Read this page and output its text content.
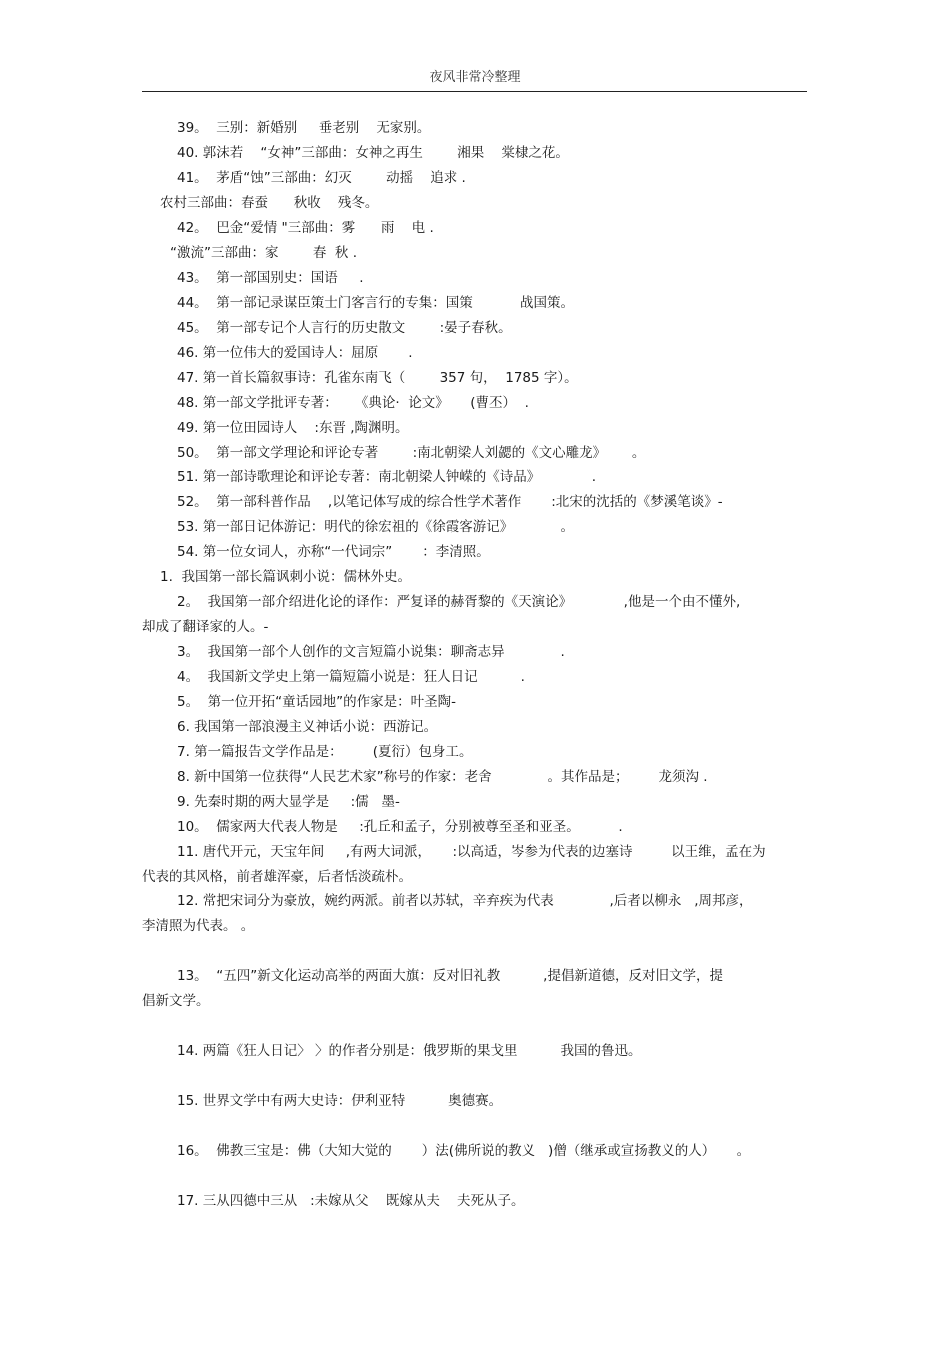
夜风非常冷整理
39。  三别：新婚别     垂老别    无家别。
40. 郭沫若    “女神”三部曲：女神之再生        湘果    棠棣之花。
41。  茅盾“蚀”三部曲：幻灭        动摇    追求 .
农村三部曲：春蚕      秋收    残冬。
42。  巴金“爱情 "三部曲：雾      雨    电 .
“激流”三部曲：家        春  秋 .
43。  第一部国别史：国语     .
44。  第一部记录谋臣策士门客言行的专集：国策           战国策。
45。  第一部专记个人言行的历史散文        :晏子春秋。
46. 第一位伟大的爱国诗人：屈原       .
47. 第一首长篇叙事诗：孔雀东南飞（        357 句，  1785 字）。
48. 第一部文学批评专著：    《典论·  论文》     (曹丕）  .
49. 第一位田园诗人    :东晋 ,陶渊明。
50。  第一部文学理论和评论专著        :南北朝梁人刘勰的《文心雕龙》      。
51. 第一部诗歌理论和评论专著：南北朝梁人钟嵘的《诗品》            .
52。  第一部科普作品    ,以笔记体写成的综合性学术著作       :北宋的沈括的《梦溪笔谈》-
53. 第一部日记体游记：明代的徐宏祖的《徐霞客游记》           。
54. 第一位女词人，亦称“一代词宗”       ：李清照。
1.  我国第一部长篇讽刺小说：儒林外史。
2。  我国第一部介绍进化论的译作：严复译的赫胥黎的《天演论》            ,他是一个由不懂外,
却成了翻译家的人。-
3。  我国第一部个人创作的文言短篇小说集：聊斋志异             .
4。  我国新文学史上第一篇短篇小说是：狂人日记          .
5。  第一位开拓“童话园地”的作家是：叶圣陶-
6. 我国第一部浪漫主义神话小说：西游记。
7. 第一篇报告文学作品是：       (夏衍）包身工。
8. 新中国第一位获得“人民艺术家”称号的作家：老舍             。其作品是；       龙须沟 .
9. 先秦时期的两大显学是     :儒   墨-
10。  儒家两大代表人物是     :孔丘和孟子，分别被尊至圣和亚圣。         .
11. 唐代开元，天宝年间     ,有两大词派，     :以高适，岑参为代表的边塞诗         以王维，孟在为
代表的其风格，前者雄浑豪，后者恬淡疏朴。
12. 常把宋词分为豪放，婉约两派。前者以苏轼，辛弃疾为代表             ,后者以柳永   ,周邦彦，
李清照为代表。 。
13。  “五四”新文化运动高举的两面大旗：反对旧礼教          ,提倡新道德，反对旧文学，提
倡新文学。
14. 两篇《狂人日记〉 〉的作者分别是：俄罗斯的果戈里          我国的鲁迅。
15. 世界文学中有两大史诗：伊利亚特          奥德赛。
16。  佛教三宝是：佛（大知大觉的       ）法(佛所说的教义   )僧（继承或宣扬教义的人）     。
17. 三从四德中三从   :未嫁从父    既嫁从夫    夫死从子。
